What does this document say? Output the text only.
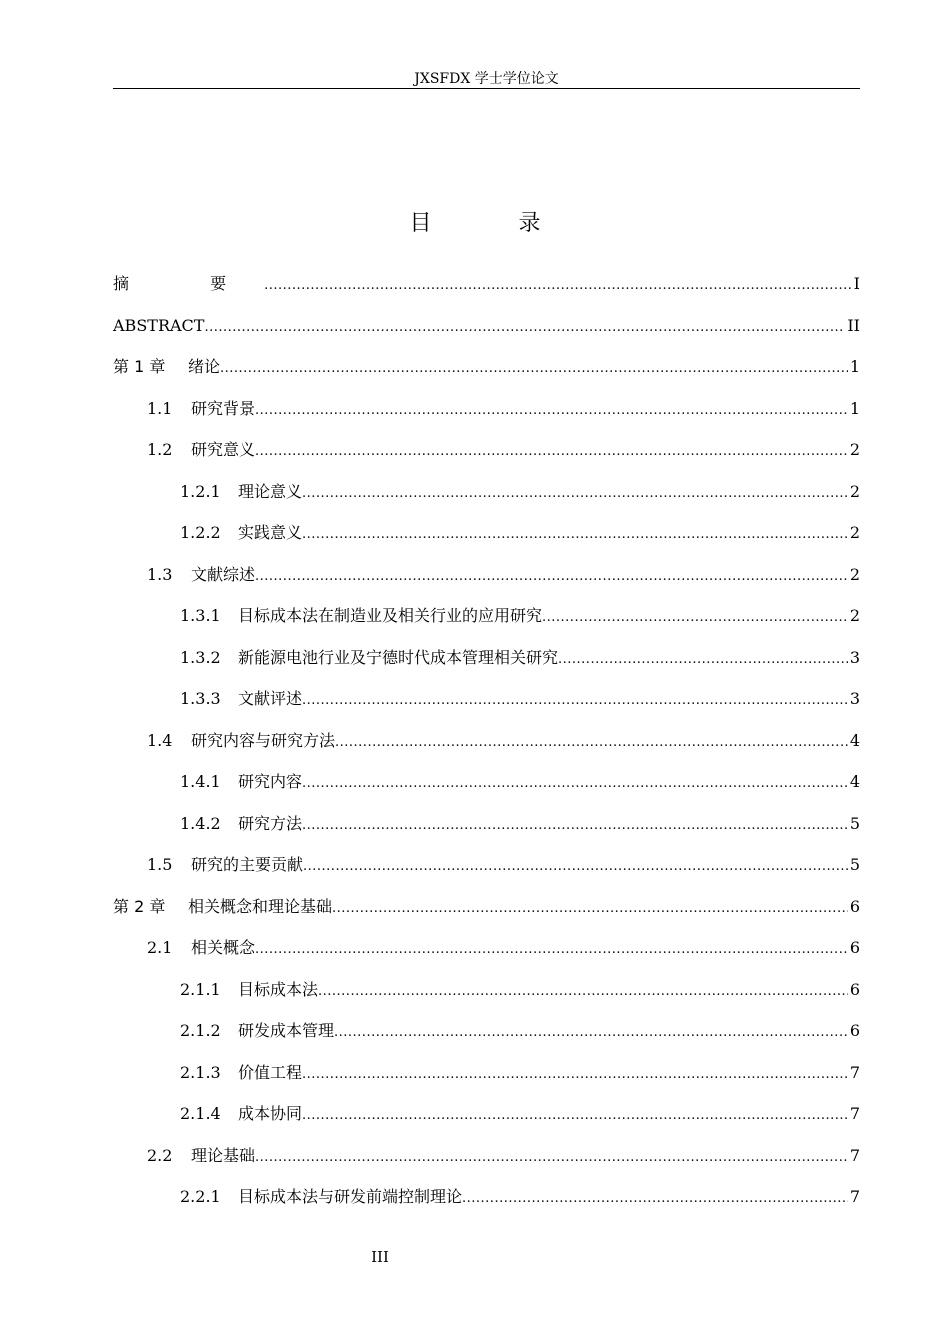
JXSFDX 学士学位论文
目 录
摘 要 .....	I
ABSTRACT .....	II
第 1 章	绪论 .....	1
1.1	研究背景 .....	1
1.2	研究意义 .....	2
1.2.1	理论意义 .....	2
1.2.2	实践意义 .....	2
1.3	文献综述 .....	2
1.3.1	目标成本法在制造业及相关行业的应用研究 .....	2
1.3.2	新能源电池行业及宁德时代成本管理相关研究 .....	3
1.3.3	文献评述 .....	3
1.4	研究内容与研究方法 .....	4
1.4.1	研究内容 .....	4
1.4.2	研究方法 .....	5
1.5	研究的主要贡献 .....	5
第 2 章	相关概念和理论基础 .....	6
2.1	相关概念 .....	6
2.1.1	目标成本法 .....	6
2.1.2	研发成本管理 .....	6
2.1.3	价值工程 .....	7
2.1.4	成本协同 .....	7
2.2	理论基础 .....	7
2.2.1	目标成本法与研发前端控制理论 .....	7
III
